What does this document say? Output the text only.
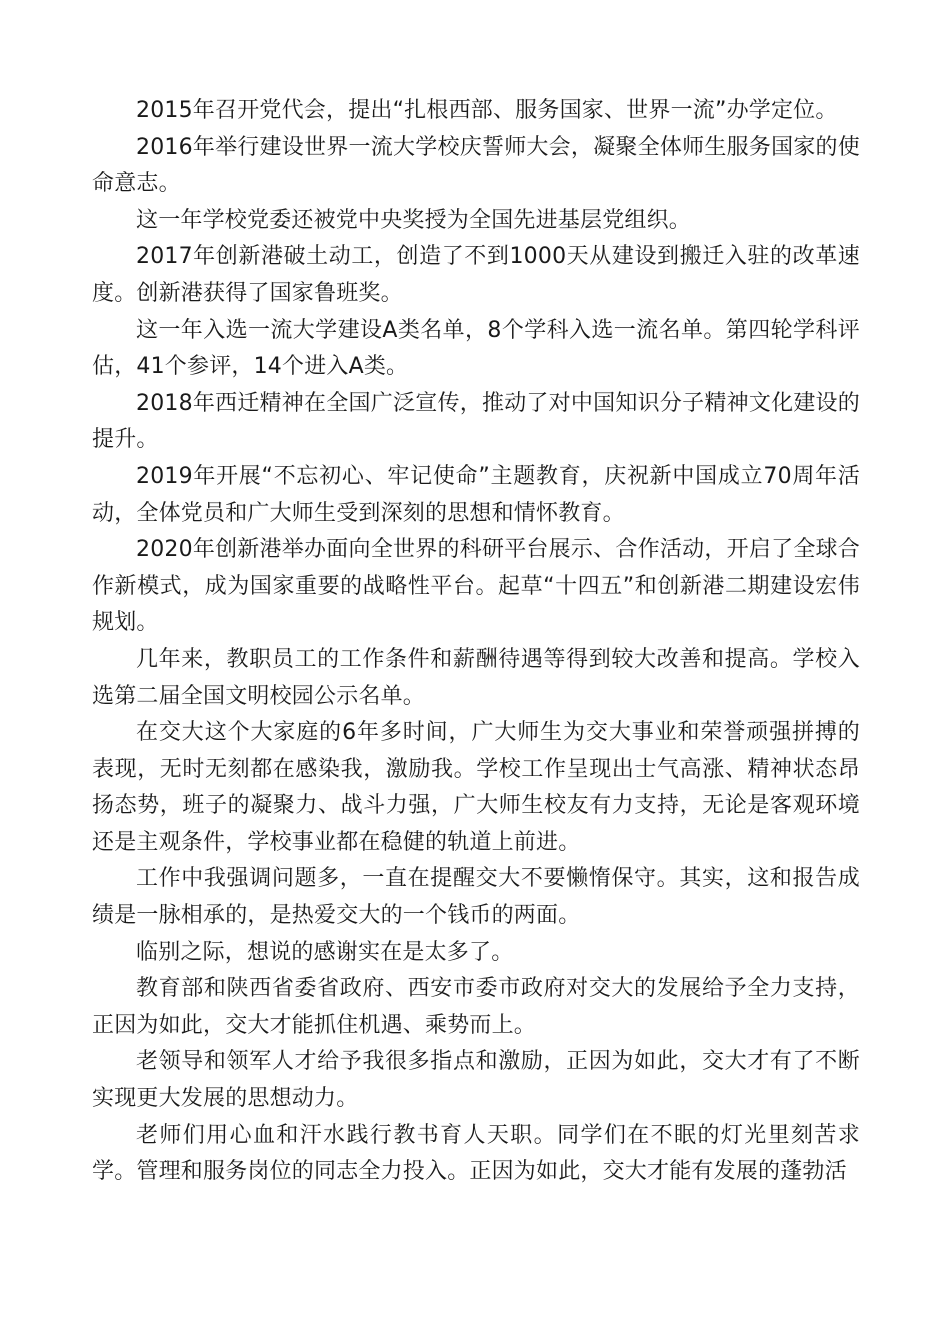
2015年召开党代会，提出“扎根西部、服务国家、世界一流”办学定位。

2016年举行建设世界一流大学校庆誓师大会，凝聚全体师生服务国家的使命意志。

这一年学校党委还被党中央奖授为全国先进基层党组织。

2017年创新港破土动工，创造了不到1000天从建设到搬迁入驻的改革速度。创新港获得了国家鲁班奖。

这一年入选一流大学建设A类名单，8个学科入选一流名单。第四轮学科评估，41个参评，14个进入A类。

2018年西迁精神在全国广泛宣传，推动了对中国知识分子精神文化建设的提升。

2019年开展“不忘初心、牢记使命”主题教育，庆祝新中国成立70周年活动，全体党员和广大师生受到深刻的思想和情怀教育。

2020年创新港举办面向全世界的科研平台展示、合作活动，开启了全球合作新模式，成为国家重要的战略性平台。起草“十四五”和创新港二期建设宏伟规划。

几年来，教职员工的工作条件和薪酬待遇等得到较大改善和提高。学校入选第二届全国文明校园公示名单。

在交大这个大家庭的6年多时间，广大师生为交大事业和荣誉顽强拼搏的表现，无时无刻都在感染我，激励我。学校工作呈现出士气高涨、精神状态昂扬态势，班子的凝聚力、战斗力强，广大师生校友有力支持，无论是客观环境还是主观条件，学校事业都在稳健的轨道上前进。

工作中我强调问题多，一直在提醒交大不要懒惰保守。其实，这和报告成绩是一脉相承的，是热爱交大的一个钱币的两面。

临别之际，想说的感谢实在是太多了。

教育部和陕西省委省政府、西安市委市政府对交大的发展给予全力支持，正因为如此，交大才能抓住机遇、乘势而上。

老领导和领军人才给予我很多指点和激励，正因为如此，交大才有了不断实现更大发展的思想动力。

老师们用心血和汗水践行教书育人天职。同学们在不眠的灯光里刻苦求学。管理和服务岗位的同志全力投入。正因为如此，交大才能有发展的蓬勃活
